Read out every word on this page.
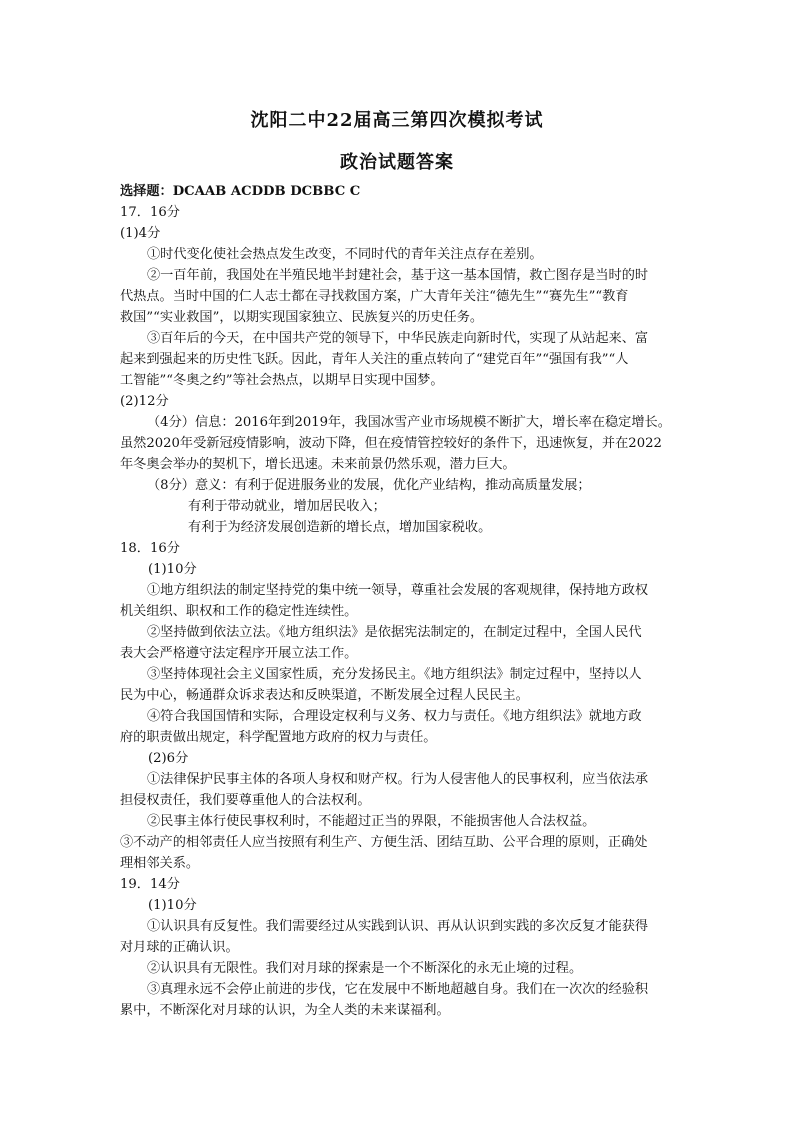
沈阳二中22届高三第四次模拟考试
政治试题答案
选择题：DCAAB ACDDB DCBBC C
17．16分
(1)4分
①时代变化使社会热点发生改变，不同时代的青年关注点存在差别。
②一百年前，我国处在半殖民地半封建社会，基于这一基本国情，救亡图存是当时的时
代热点。当时中国的仁人志士都在寻找救国方案，广大青年关注“德先生”“赛先生”“教育
救国”“实业救国”，以期实现国家独立、民族复兴的历史任务。
③百年后的今天，在中国共产党的领导下，中华民族走向新时代，实现了从站起来、富
起来到强起来的历史性飞跃。因此，青年人关注的重点转向了“建党百年”“强国有我”“人
工智能”“冬奥之约”等社会热点，以期早日实现中国梦。
(2)12分
（4分）信息：2016年到2019年，我国冰雪产业市场规模不断扩大，增长率在稳定增长。
虽然2020年受新冠疫情影响，波动下降，但在疫情管控较好的条件下，迅速恢复，并在2022
年冬奥会举办的契机下，增长迅速。未来前景仍然乐观，潜力巨大。
（8分）意义：有利于促进服务业的发展，优化产业结构，推动高质量发展；
有利于带动就业，增加居民收入；
有利于为经济发展创造新的增长点，增加国家税收。
18．16分
(1)10分
①地方组织法的制定坚持党的集中统一领导，尊重社会发展的客观规律，保持地方政权
机关组织、职权和工作的稳定性连续性。
②坚持做到依法立法。《地方组织法》是依据宪法制定的，在制定过程中，全国人民代
表大会严格遵守法定程序开展立法工作。
③坚持体现社会主义国家性质，充分发扬民主。《地方组织法》制定过程中，坚持以人
民为中心，畅通群众诉求表达和反映渠道，不断发展全过程人民民主。
④符合我国国情和实际，合理设定权利与义务、权力与责任。《地方组织法》就地方政
府的职责做出规定，科学配置地方政府的权力与责任。
(2)6分
①法律保护民事主体的各项人身权和财产权。行为人侵害他人的民事权利，应当依法承
担侵权责任，我们要尊重他人的合法权利。
②民事主体行使民事权利时，不能超过正当的界限，不能损害他人合法权益。
③不动产的相邻责任人应当按照有利生产、方便生活、团结互助、公平合理的原则，正确处
理相邻关系。
19．14分
(1)10分
①认识具有反复性。我们需要经过从实践到认识、再从认识到实践的多次反复才能获得
对月球的正确认识。
②认识具有无限性。我们对月球的探索是一个不断深化的永无止境的过程。
③真理永远不会停止前进的步伐，它在发展中不断地超越自身。我们在一次次的经验积
累中，不断深化对月球的认识，为全人类的未来谋福利。
